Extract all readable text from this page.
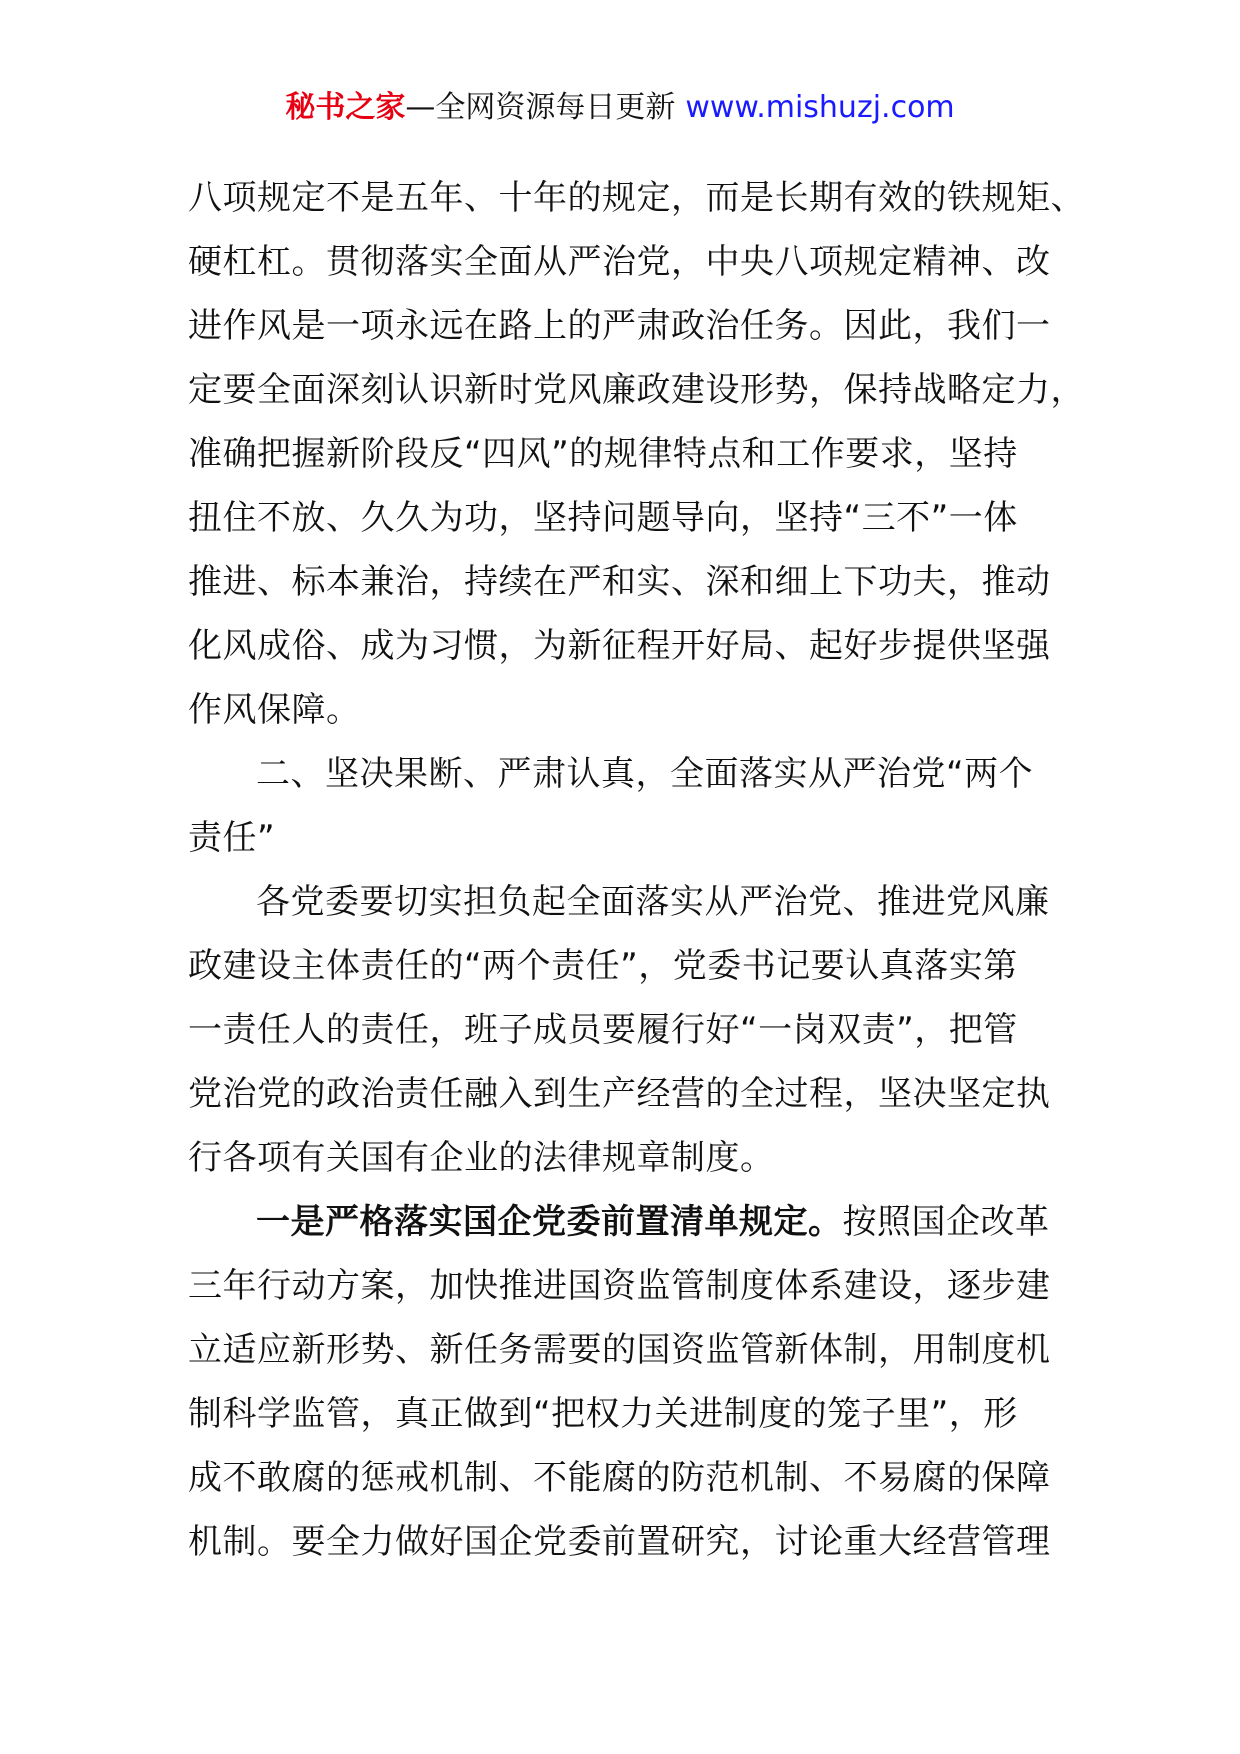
秘书之家—全网资源每日更新 www.mishuzj.com
八项规定不是五年、十年的规定，而是长期有效的铁规矩、
硬杠杠。贯彻落实全面从严治党，中央八项规定精神、改
进作风是一项永远在路上的严肃政治任务。因此，我们一
定要全面深刻认识新时党风廉政建设形势，保持战略定力，
准确把握新阶段反“四风”的规律特点和工作要求，坚持
扭住不放、久久为功，坚持问题导向，坚持“三不”一体
推进、标本兼治，持续在严和实、深和细上下功夫，推动
化风成俗、成为习惯，为新征程开好局、起好步提供坚强
作风保障。
二、坚决果断、严肃认真，全面落实从严治党“两个
责任”
各党委要切实担负起全面落实从严治党、推进党风廉
政建设主体责任的“两个责任”，党委书记要认真落实第
一责任人的责任，班子成员要履行好“一岗双责”，把管
党治党的政治责任融入到生产经营的全过程，坚决坚定执
行各项有关国有企业的法律规章制度。
一是严格落实国企党委前置清单规定。按照国企改革
三年行动方案，加快推进国资监管制度体系建设，逐步建
立适应新形势、新任务需要的国资监管新体制，用制度机
制科学监管，真正做到“把权力关进制度的笼子里”，形
成不敢腐的惩戒机制、不能腐的防范机制、不易腐的保障
机制。要全力做好国企党委前置研究，讨论重大经营管理
